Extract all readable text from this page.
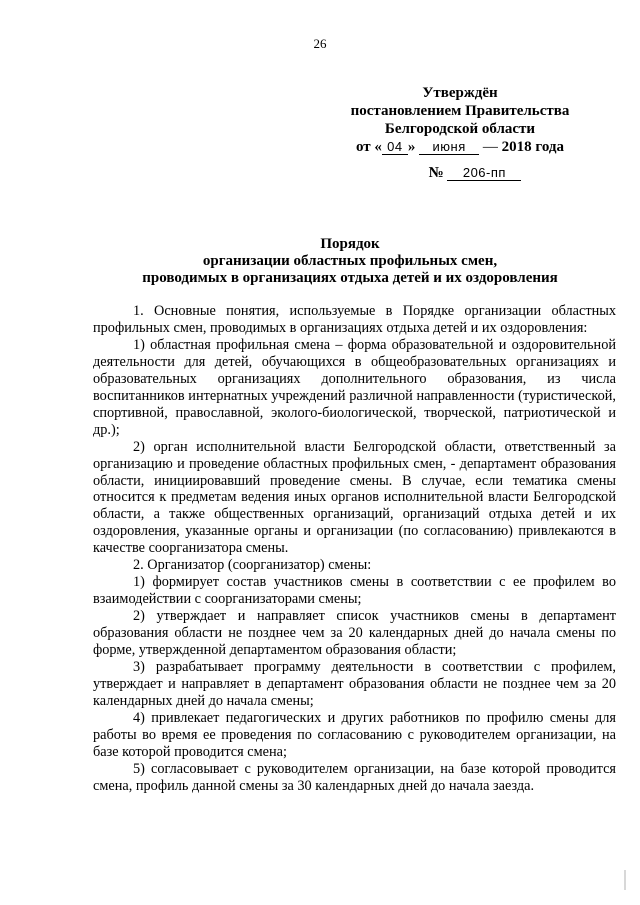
26
Утверждён
постановлением Правительства
Белгородской области
от « 04 » июня — 2018 года
№ 206-пп
Порядок
организации областных профильных смен,
проводимых в организациях отдыха детей и их оздоровления

1. Основные понятия, используемые в Порядке организации областных профильных смен, проводимых в организациях отдыха детей и их оздоровления:

1) областная профильная смена – форма образовательной и оздоровительной деятельности для детей, обучающихся в общеобразовательных организациях и образовательных организациях дополнительного образования, из числа воспитанников интернатных учреждений различной направленности (туристической, спортивной, православной, эколого-биологической, творческой, патриотической и др.);

2) орган исполнительной власти Белгородской области, ответственный за организацию и проведение областных профильных смен, - департамент образования области, инициировавший проведение смены. В случае, если тематика смены относится к предметам ведения иных органов исполнительной власти Белгородской области, а также общественных организаций, организаций отдыха детей и их оздоровления, указанные органы и организации (по согласованию) привлекаются в качестве соорганизатора смены.

2. Организатор (соорганизатор) смены:

1) формирует состав участников смены в соответствии с ее профилем во взаимодействии с соорганизаторами смены;

2) утверждает и направляет список участников смены в департамент образования области не позднее чем за 20 календарных дней до начала смены по форме, утвержденной департаментом образования области;

3) разрабатывает программу деятельности в соответствии с профилем, утверждает и направляет в департамент образования области не позднее чем за 20 календарных дней до начала смены;

4) привлекает педагогических и других работников по профилю смены для работы во время ее проведения по согласованию с руководителем организации, на базе которой проводится смена;

5) согласовывает с руководителем организации, на базе которой проводится смена, профиль данной смены за 30 календарных дней до начала заезда.
